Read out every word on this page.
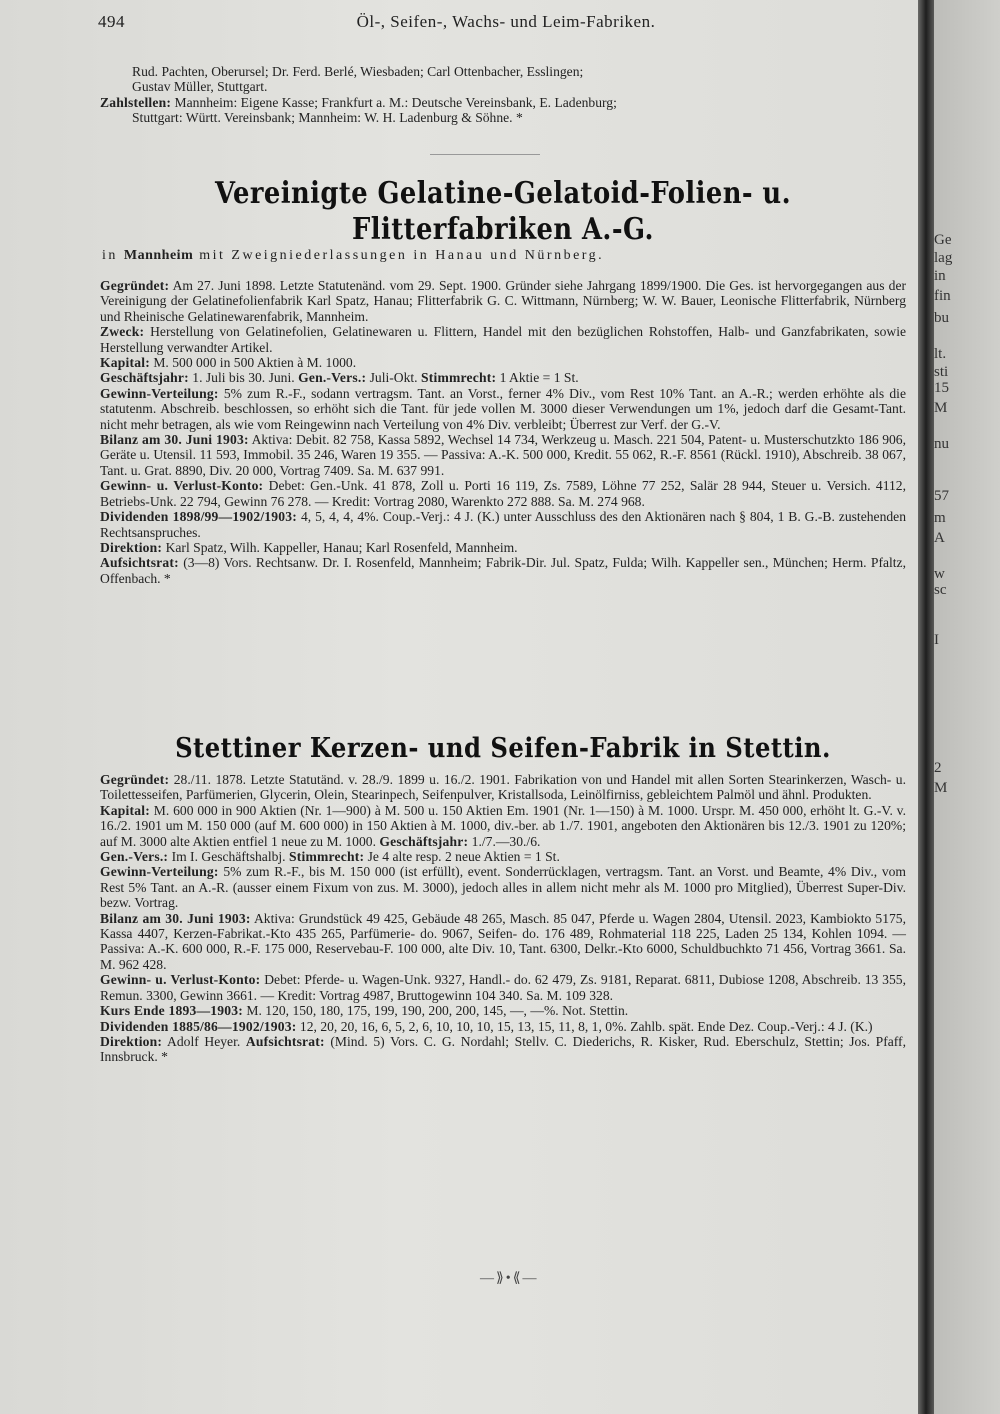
Ge
lag
in
fin
bu
lt.
sti
15
M
nu
57
m
A
w
sc
I
2
M
494	Öl-, Seifen-, Wachs- und Leim-Fabriken.

Rud. Pachten, Oberursel; Dr. Ferd. Berlé, Wiesbaden; Carl Ottenbacher, Esslingen;

Gustav Müller, Stuttgart.

Zahlstellen: Mannheim: Eigene Kasse; Frankfurt a. M.: Deutsche Vereinsbank, E. Ladenburg;

Stuttgart: Württ. Vereinsbank; Mannheim: W. H. Ladenburg & Söhne. *

Vereinigte Gelatine-Gelatoid-Folien- u. Flitterfabriken A.-G.

in Mannheim mit Zweigniederlassungen in Hanau und Nürnberg.

Gegründet: Am 27. Juni 1898. Letzte Statutenänd. vom 29. Sept. 1900. Gründer siehe Jahrgang 1899/1900. Die Ges. ist hervorgegangen aus der Vereinigung der Gelatinefolienfabrik Karl Spatz, Hanau; Flitterfabrik G. C. Wittmann, Nürnberg; W. W. Bauer, Leonische Flitterfabrik, Nürnberg und Rheinische Gelatinewarenfabrik, Mannheim.

Zweck: Herstellung von Gelatinefolien, Gelatinewaren u. Flittern, Handel mit den bezüglichen Rohstoffen, Halb- und Ganzfabrikaten, sowie Herstellung verwandter Artikel.

Kapital: M. 500 000 in 500 Aktien à M. 1000.

Geschäftsjahr: 1. Juli bis 30. Juni. Gen.-Vers.: Juli-Okt. Stimmrecht: 1 Aktie = 1 St.

Gewinn-Verteilung: 5% zum R.-F., sodann vertragsm. Tant. an Vorst., ferner 4% Div., vom Rest 10% Tant. an A.-R.; werden erhöhte als die statutenm. Abschreib. beschlossen, so erhöht sich die Tant. für jede vollen M. 3000 dieser Verwendungen um 1%, jedoch darf die Gesamt-Tant. nicht mehr betragen, als wie vom Reingewinn nach Verteilung von 4% Div. verbleibt; Überrest zur Verf. der G.-V.

Bilanz am 30. Juni 1903: Aktiva: Debit. 82 758, Kassa 5892, Wechsel 14 734, Werkzeug u. Masch. 221 504, Patent- u. Musterschutzkto 186 906, Geräte u. Utensil. 11 593, Immobil. 35 246, Waren 19 355. — Passiva: A.-K. 500 000, Kredit. 55 062, R.-F. 8561 (Rückl. 1910), Abschreib. 38 067, Tant. u. Grat. 8890, Div. 20 000, Vortrag 7409. Sa. M. 637 991.

Gewinn- u. Verlust-Konto: Debet: Gen.-Unk. 41 878, Zoll u. Porti 16 119, Zs. 7589, Löhne 77 252, Salär 28 944, Steuer u. Versich. 4112, Betriebs-Unk. 22 794, Gewinn 76 278. — Kredit: Vortrag 2080, Warenkto 272 888. Sa. M. 274 968.

Dividenden 1898/99—1902/1903: 4, 5, 4, 4, 4%. Coup.-Verj.: 4 J. (K.) unter Ausschluss des den Aktionären nach § 804, 1 B. G.-B. zustehenden Rechtsanspruches.

Direktion: Karl Spatz, Wilh. Kappeller, Hanau; Karl Rosenfeld, Mannheim.

Aufsichtsrat: (3—8) Vors. Rechtsanw. Dr. I. Rosenfeld, Mannheim; Fabrik-Dir. Jul. Spatz, Fulda; Wilh. Kappeller sen., München; Herm. Pfaltz, Offenbach. *

Stettiner Kerzen- und Seifen-Fabrik in Stettin.

Gegründet: 28./11. 1878. Letzte Statutänd. v. 28./9. 1899 u. 16./2. 1901. Fabrikation von und Handel mit allen Sorten Stearinkerzen, Wasch- u. Toilettesseifen, Parfümerien, Glycerin, Olein, Stearinpech, Seifenpulver, Kristallsoda, Leinölfirniss, gebleichtem Palmöl und ähnl. Produkten.

Kapital: M. 600 000 in 900 Aktien (Nr. 1—900) à M. 500 u. 150 Aktien Em. 1901 (Nr. 1—150) à M. 1000. Urspr. M. 450 000, erhöht lt. G.-V. v. 16./2. 1901 um M. 150 000 (auf M. 600 000) in 150 Aktien à M. 1000, div.-ber. ab 1./7. 1901, angeboten den Aktionären bis 12./3. 1901 zu 120%; auf M. 3000 alte Aktien entfiel 1 neue zu M. 1000. Geschäftsjahr: 1./7.—30./6.

Gen.-Vers.: Im I. Geschäftshalbj. Stimmrecht: Je 4 alte resp. 2 neue Aktien = 1 St.

Gewinn-Verteilung: 5% zum R.-F., bis M. 150 000 (ist erfüllt), event. Sonderrücklagen, vertragsm. Tant. an Vorst. und Beamte, 4% Div., vom Rest 5% Tant. an A.-R. (ausser einem Fixum von zus. M. 3000), jedoch alles in allem nicht mehr als M. 1000 pro Mitglied), Überrest Super-Div. bezw. Vortrag.

Bilanz am 30. Juni 1903: Aktiva: Grundstück 49 425, Gebäude 48 265, Masch. 85 047, Pferde u. Wagen 2804, Utensil. 2023, Kambiokto 5175, Kassa 4407, Kerzen-Fabrikat.-Kto 435 265, Parfümerie- do. 9067, Seifen- do. 176 489, Rohmaterial 118 225, Laden 25 134, Kohlen 1094. — Passiva: A.-K. 600 000, R.-F. 175 000, Reservebau-F. 100 000, alte Div. 10, Tant. 6300, Delkr.-Kto 6000, Schuldbuchkto 71 456, Vortrag 3661. Sa. M. 962 428.

Gewinn- u. Verlust-Konto: Debet: Pferde- u. Wagen-Unk. 9327, Handl.- do. 62 479, Zs. 9181, Reparat. 6811, Dubiose 1208, Abschreib. 13 355, Remun. 3300, Gewinn 3661. — Kredit: Vortrag 4987, Bruttogewinn 104 340. Sa. M. 109 328.

Kurs Ende 1893—1903: M. 120, 150, 180, 175, 199, 190, 200, 200, 145, —, —%. Not. Stettin.

Dividenden 1885/86—1902/1903: 12, 20, 20, 16, 6, 5, 2, 6, 10, 10, 10, 15, 13, 15, 11, 8, 1, 0%. Zahlb. spät. Ende Dez. Coup.-Verj.: 4 J. (K.)

Direktion: Adolf Heyer. Aufsichtsrat: (Mind. 5) Vors. C. G. Nordahl; Stellv. C. Diederichs, R. Kisker, Rud. Eberschulz, Stettin; Jos. Pfaff, Innsbruck. *

—⟫•⟪—
